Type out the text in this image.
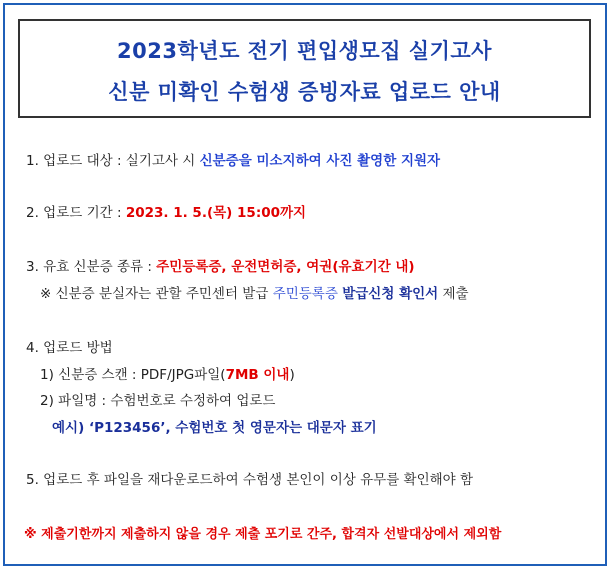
2023학년도 전기 편입생모집 실기고사
신분 미확인 수험생 증빙자료 업로드 안내
1. 업로드 대상 : 실기고사 시 신분증을 미소지하여 사진 촬영한 지원자
2. 업로드 기간 : 2023. 1. 5.(목) 15:00까지
3. 유효 신분증 종류 : 주민등록증, 운전면허증, 여권(유효기간 내)
※ 신분증 분실자는 관할 주민센터 발급 주민등록증 발급신청 확인서 제출
4. 업로드 방법
1) 신분증 스캔 : PDF/JPG파일(7MB 이내)
2) 파일명 : 수험번호로 수정하여 업로드
예시) ‘P123456’, 수험번호 첫 영문자는 대문자 표기
5. 업로드 후 파일을 재다운로드하여 수험생 본인이 이상 유무를 확인해야 함
※ 제출기한까지 제출하지 않을 경우 제출 포기로 간주, 합격자 선발대상에서 제외함
